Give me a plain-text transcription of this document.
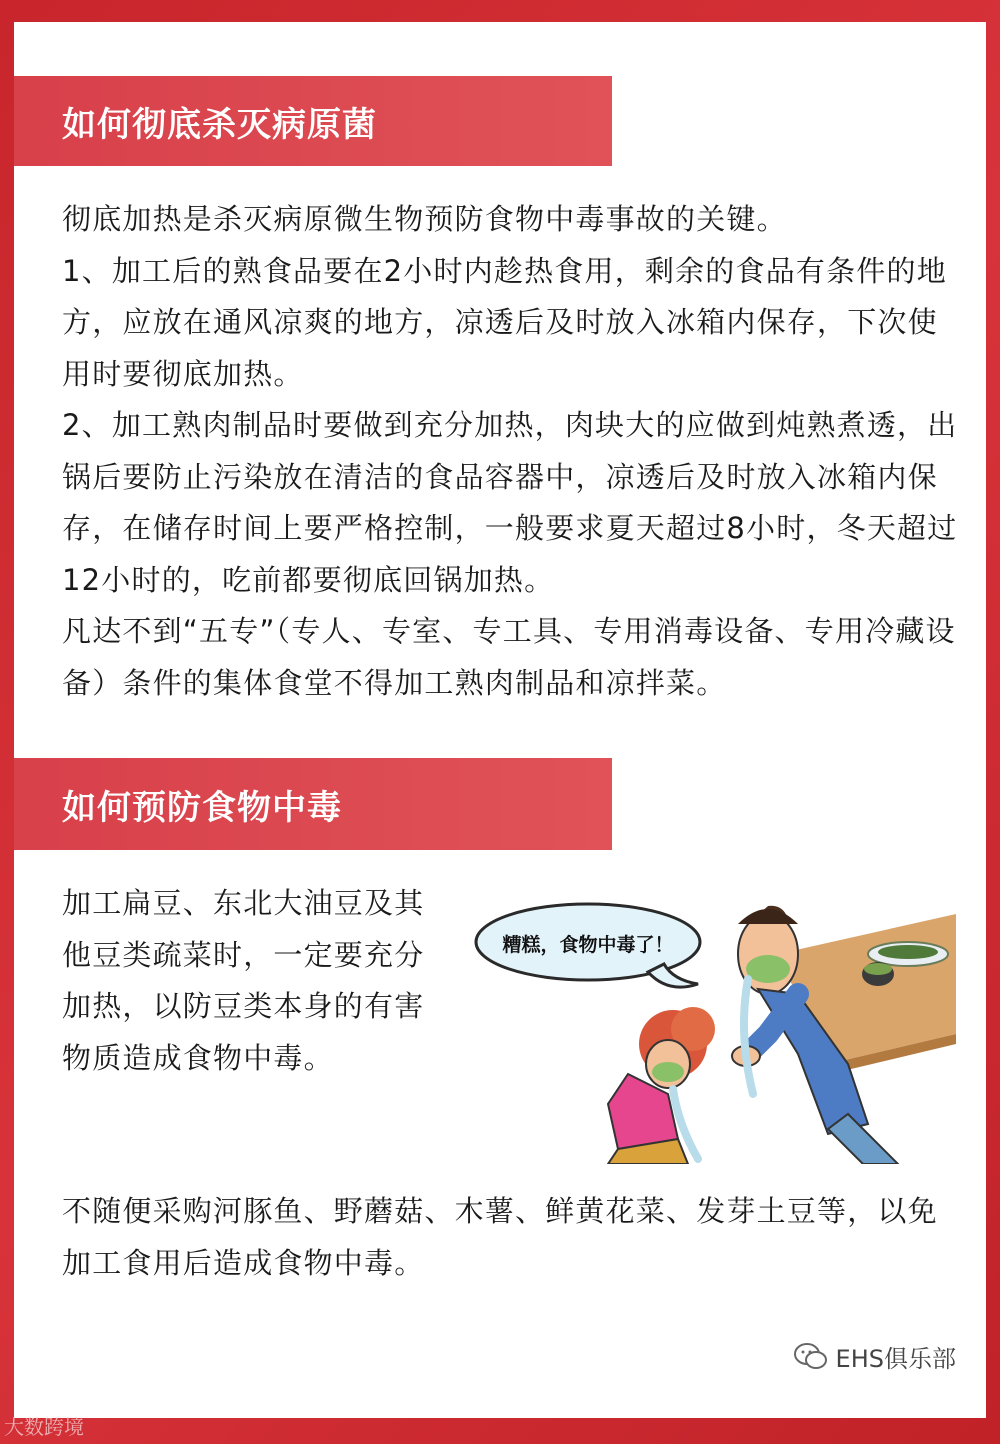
如何彻底杀灭病原菌

彻底加热是杀灭病原微生物预防食物中毒事故的关键。

1、加工后的熟食品要在2小时内趁热食用，剩余的食品有条件的地方，应放在通风凉爽的地方，凉透后及时放入冰箱内保存，下次使用时要彻底加热。

2、加工熟肉制品时要做到充分加热，肉块大的应做到炖熟煮透，出锅后要防止污染放在清洁的食品容器中，凉透后及时放入冰箱内保存，在储存时间上要严格控制，一般要求夏天超过8小时，冬天超过12小时的，吃前都要彻底回锅加热。

凡达不到“五专”（专人、专室、专工具、专用消毒设备、专用冷藏设备）条件的集体食堂不得加工熟肉制品和凉拌菜。

如何预防食物中毒

加工扁豆、东北大油豆及其他豆类疏菜时，一定要充分加热，以防豆类本身的有害物质造成食物中毒。

糟糕，食物中毒了！

不随便采购河豚鱼、野蘑菇、木薯、鲜黄花菜、发芽土豆等，以免加工食用后造成食物中毒。

EHS俱乐部
大数跨境
